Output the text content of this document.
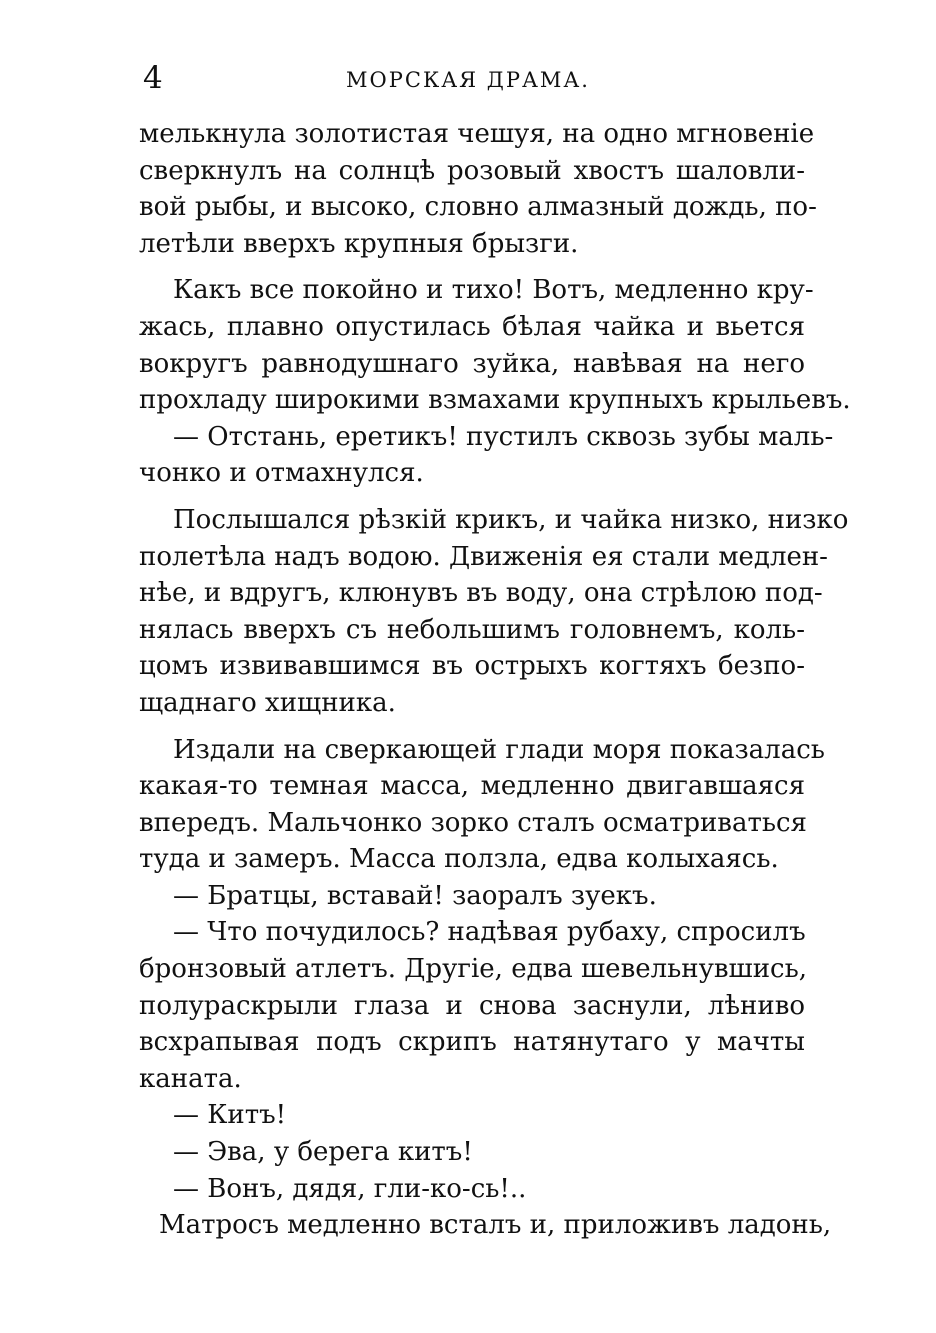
4	МОРСКАЯ ДРАМА.
мелькнула золотистая чешуя, на одно мгновеніе
сверкнулъ на солнцѣ розовый хвостъ шаловли-
вой рыбы, и высоко, словно алмазный дождь, по-
летѣли вверхъ крупныя брызги.
Какъ все покойно и тихо! Вотъ, медленно кру-
жась, плавно опустилась бѣлая чайка и вьется
вокругъ равнодушнаго зуйка, навѣвая на него
прохладу широкими взмахами крупныхъ крыльевъ.
— Отстань, еретикъ! пустилъ сквозь зубы маль-
чонко и отмахнулся.
Послышался рѣзкій крикъ, и чайка низко, низко
полетѣла надъ водою. Движенія ея стали медлен-
нѣе, и вдругъ, клюнувъ въ воду, она стрѣлою под-
нялась вверхъ съ небольшимъ головнемъ, коль-
цомъ извивавшимся въ острыхъ когтяхъ безпо-
щаднаго хищника.
Издали на сверкающей глади моря показалась
какая-то темная масса, медленно двигавшаяся
впередъ. Мальчонко зорко сталъ осматриваться
туда и замеръ. Масса ползла, едва колыхаясь.
— Братцы, вставай! заоралъ зуекъ.
— Что почудилось? надѣвая рубаху, спросилъ
бронзовый атлетъ. Другіе, едва шевельнувшись,
полураскрыли глаза и снова заснули, лѣниво
всхрапывая подъ скрипъ натянутаго у мачты
каната.
— Китъ!
— Эва, у берега китъ!
— Вонъ, дядя, гли-ко-сь!..
Матросъ медленно всталъ и, приложивъ ладонь,
